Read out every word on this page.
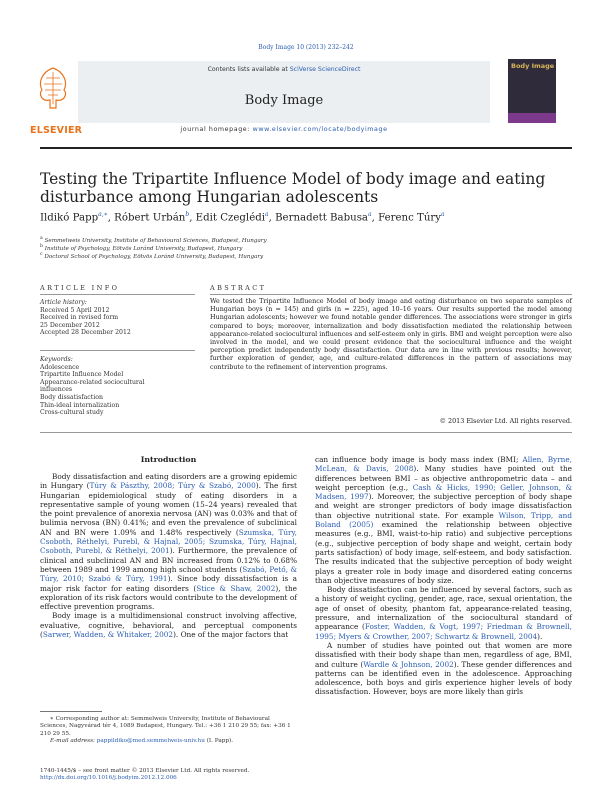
Body Image 10 (2013) 232–242
ELSEVIER
Contents lists available at SciVerse ScienceDirect
Body Image
journal homepage: www.elsevier.com/locate/bodyimage
Body Image
Testing the Tripartite Influence Model of body image and eating disturbance among Hungarian adolescents
Ildikó Papp$^{a,∗}$, Róbert Urbán$^b$, Edit Czeglédi$^a$, Bernadett Babusa$^a$, Ferenc Túry$^a$
$^a$ Semmelweis University, Institute of Behavioural Sciences, Budapest, Hungary
$^b$ Institute of Psychology, Eötvös Loránd University, Budapest, Hungary
$^c$ Doctoral School of Psychology, Eötvös Loránd University, Budapest, Hungary
ARTICLE INFO
Article history:
Received 5 April 2012
Received in revised form
25 December 2012
Accepted 28 December 2012
Keywords:
Adolescence
Tripartite Influence Model
Appearance-related sociocultural
influences
Body dissatisfaction
Thin-ideal internalization
Cross-cultural study
ABSTRACT
We tested the Tripartite Influence Model of body image and eating disturbance on two separate samples of Hungarian boys (n = 145) and girls (n = 225), aged 10–16 years. Our results supported the model among Hungarian adolescents; however we found notable gender differences. The associations were stronger in girls compared to boys; moreover, internalization and body dissatisfaction mediated the relationship between appearance-related sociocultural influences and self-esteem only in girls. BMI and weight perception were also involved in the model, and we could present evidence that the sociocultural influence and the weight perception predict independently body dissatisfaction. Our data are in line with previous results; however, further exploration of gender, age, and culture-related differences in the pattern of associations may contribute to the refinement of intervention programs.
© 2013 Elsevier Ltd. All rights reserved.
Introduction

Body dissatisfaction and eating disorders are a growing epidemic in Hungary (Túry & Pászthy, 2008; Túry & Szabó, 2000). The first Hungarian epidemiological study of eating disorders in a representative sample of young women (15–24 years) revealed that the point prevalence of anorexia nervosa (AN) was 0.03% and that of bulimia nervosa (BN) 0.41%; and even the prevalence of subclinical AN and BN were 1.09% and 1.48% respectively (Szumska, Túry, Csoboth, Réthelyi, Purebl, & Hajnal, 2005; Szumska, Túry, Hajnal, Csoboth, Purebl, & Réthelyi, 2001). Furthermore, the prevalence of clinical and subclinical AN and BN increased from 0.12% to 0.68% between 1989 and 1999 among high school students (Szabó, Pető, & Túry, 2010; Szabó & Túry, 1991). Since body dissatisfaction is a major risk factor for eating disorders (Stice & Shaw, 2002), the exploration of its risk factors would contribute to the development of effective prevention programs.

Body image is a multidimensional construct involving affective, evaluative, cognitive, behavioral, and perceptual components (Sarwer, Wadden, & Whitaker, 2002). One of the major factors that

can influence body image is body mass index (BMI; Allen, Byrne, McLean, & Davis, 2008). Many studies have pointed out the differences between BMI – as objective anthropometric data – and weight perception (e.g., Cash & Hicks, 1990; Geller, Johnson, & Madsen, 1997). Moreover, the subjective perception of body shape and weight are stronger predictors of body image dissatisfaction than objective nutritional state. For example Wilson, Tripp, and Boland (2005) examined the relationship between objective measures (e.g., BMI, waist-to-hip ratio) and subjective perceptions (e.g., subjective perception of body shape and weight, certain body parts satisfaction) of body image, self-esteem, and body satisfaction. The results indicated that the subjective perception of body weight plays a greater role in body image and disordered eating concerns than objective measures of body size.

Body dissatisfaction can be influenced by several factors, such as a history of weight cycling, gender, age, race, sexual orientation, the age of onset of obesity, phantom fat, appearance-related teasing, pressure, and internalization of the sociocultural standard of appearance (Foster, Wadden, & Vogt, 1997; Friedman & Brownell, 1995; Myers & Crowther, 2007; Schwartz & Brownell, 2004).

A number of studies have pointed out that women are more dissatisfied with their body shape than men, regardless of age, BMI, and culture (Wardle & Johnson, 2002). These gender differences and patterns can be identified even in the adolescence. Approaching adolescence, both boys and girls experience higher levels of body dissatisfaction. However, boys are more likely than girls

∗ Corresponding author at: Semmelweis University, Institute of Behavioural Sciences, Nagyvárad tér 4, 1089 Budapest, Hungary. Tel.: +36 1 210 29 55; fax: +36 1 210 29 55.
E-mail address: pappildiko@med.semmelweis-univ.hu (I. Papp).
1740-1445/$ – see front matter © 2013 Elsevier Ltd. All rights reserved.
http://dx.doi.org/10.1016/j.bodyim.2012.12.006
